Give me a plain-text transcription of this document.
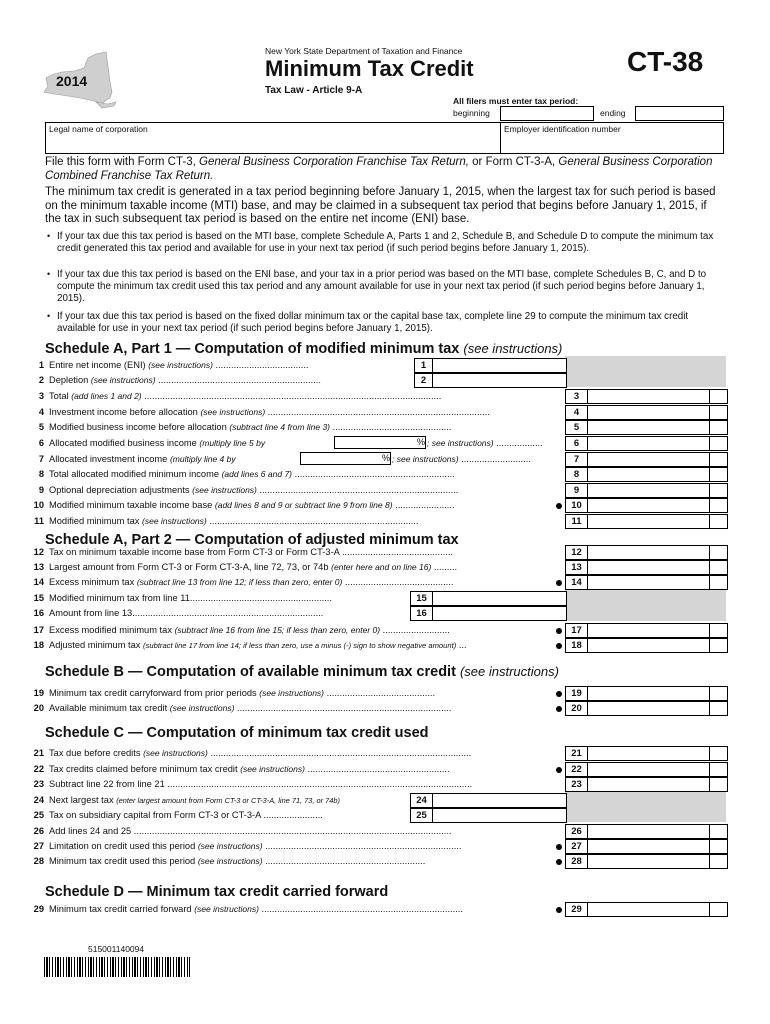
2014
New York State Department of Taxation and Finance
Minimum Tax Credit
Tax Law - Article 9-A
CT-38
All filers must enter tax period:
beginning	ending
Legal name of corporation	Employer identification number
File this form with Form CT-3, General Business Corporation Franchise Tax Return, or Form CT-3-A, General Business Corporation Combined Franchise Tax Return.
The minimum tax credit is generated in a tax period beginning before January 1, 2015, when the largest tax for such period is based on the minimum taxable income (MTI) base, and may be claimed in a subsequent tax period that begins before January 1, 2015, if the tax in such subsequent tax period is based on the entire net income (ENI) base.
• If your tax due this tax period is based on the MTI base, complete Schedule A, Parts 1 and 2, Schedule B, and Schedule D to compute the minimum tax credit generated this tax period and available for use in your next tax period (if such period begins before January 1, 2015).
• If your tax due this tax period is based on the ENI base, and your tax in a prior period was based on the MTI base, complete Schedules B, C, and D to compute the minimum tax credit used this tax period and any amount available for use in your next tax period (if such period begins before January 1, 2015).
• If your tax due this tax period is based on the fixed dollar minimum tax or the capital base tax, complete line 29 to compute the minimum tax credit available for use in your next tax period (if such period begins before January 1, 2015).
Schedule A, Part 1 — Computation of modified minimum tax (see instructions)
1 Entire net income (ENI) (see instructions) ....................................	1
2 Depletion (see instructions) ...............................................................	2
3 Total (add lines 1 and 2) ...................................................................................................................	3
4 Investment income before allocation (see instructions) ......................................................................................	4
5 Modified business income before allocation (subtract line 4 from line 3) ..............................................	5
6 Allocated modified business income (multiply line 5 by	% ; see instructions) ..................	6
7 Allocated investment income (multiply line 4 by	% ; see instructions) ...........................	7
8 Total allocated modified minimum income (add lines 6 and 7) ..............................................................	8
9 Optional depreciation adjustments (see instructions) .............................................................................	9
10 Modified minimum taxable income base (add lines 8 and 9 or subtract line 9 from line 8) .......................	10
11 Modified minimum tax (see instructions) .................................................................................	11
Schedule A, Part 2 — Computation of adjusted minimum tax
12 Tax on minimum taxable income base from Form CT-3 or Form CT-3-A ...........................................	12
13 Largest amount from Form CT-3 or Form CT-3-A, line 72, 73, or 74b (enter here and on line 16) .........	13
14 Excess minimum tax (subtract line 13 from line 12; if less than zero, enter 0) ..........................................	14
15 Modified minimum tax from line 11.......................................................	15
16 Amount from line 13..........................................................................	16
17 Excess modified minimum tax (subtract line 16 from line 15; if less than zero, enter 0) ..........................	17
18 Adjusted minimum tax (subtract line 17 from line 14; if less than zero, use a minus (-) sign to show negative amount) ...	18
Schedule B — Computation of available minimum tax credit (see instructions)
19 Minimum tax credit carryforward from prior periods (see instructions) ..........................................	19
20 Available minimum tax credit (see instructions) ...................................................................................	20
Schedule C — Computation of minimum tax credit used
21 Tax due before credits (see instructions) .....................................................................................................	21
22 Tax credits claimed before minimum tax credit (see instructions) .......................................................	22
23 Subtract line 22 from line 21 ......................................................................................................................	23
24 Next largest tax (enter largest amount from Form CT-3 or CT-3-A, line 71, 73, or 74b)	24
25 Tax on subsidiary capital from Form CT-3 or CT-3-A .......................	25
26 Add lines 24 and 25 ...........................................................................................................................	26
27 Limitation on credit used this period (see instructions) ............................................................................	27
28 Minimum tax credit used this period (see instructions) ..............................................................	28
Schedule D — Minimum tax credit carried forward
29 Minimum tax credit carried forward (see instructions) ..............................................................................	29
515001140094
